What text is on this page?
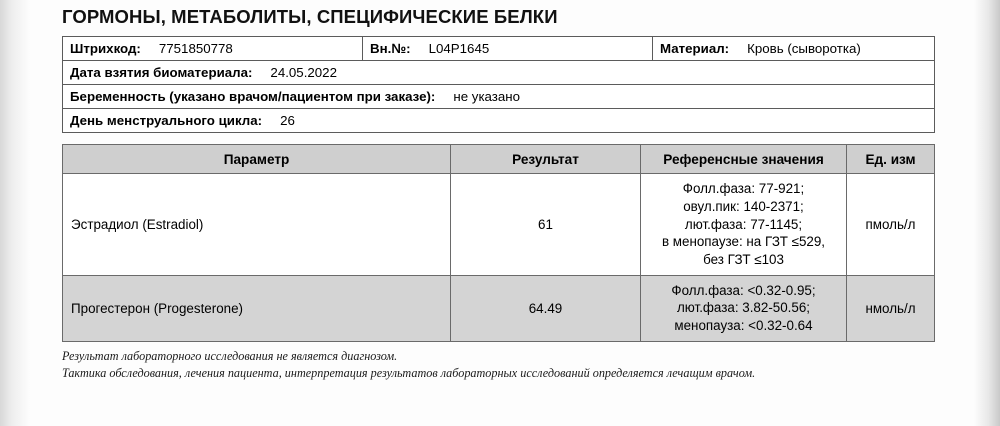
ГОРМОНЫ, МЕТАБОЛИТЫ, СПЕЦИФИЧЕСКИЕ БЕЛКИ
Штрихкод: 7751850778	Вн.№: L04P1645	Материал: Кровь (сыворотка)

Дата взятия биоматериала: 24.05.2022

Беременность (указано врачом/пациентом при заказе): не указано

День менструального цикла: 26
Параметр	Результат	Референсные значения	Ед. изм
Эстрадиол (Estradiol)	61	Фолл.фаза: 77-921;
овул.пик: 140-2371;
лют.фаза: 77-1145;
в менопаузе: на ГЗТ ≤529,
без ГЗТ ≤103	пмоль/л
Прогестерон (Progesterone)	64.49	Фолл.фаза: <0.32-0.95;
лют.фаза: 3.82-50.56;
менопауза: <0.32-0.64	нмоль/л
Результат лабораторного исследования не является диагнозом.
Тактика обследования, лечения пациента, интерпретация результатов лабораторных исследований определяется лечащим врачом.
